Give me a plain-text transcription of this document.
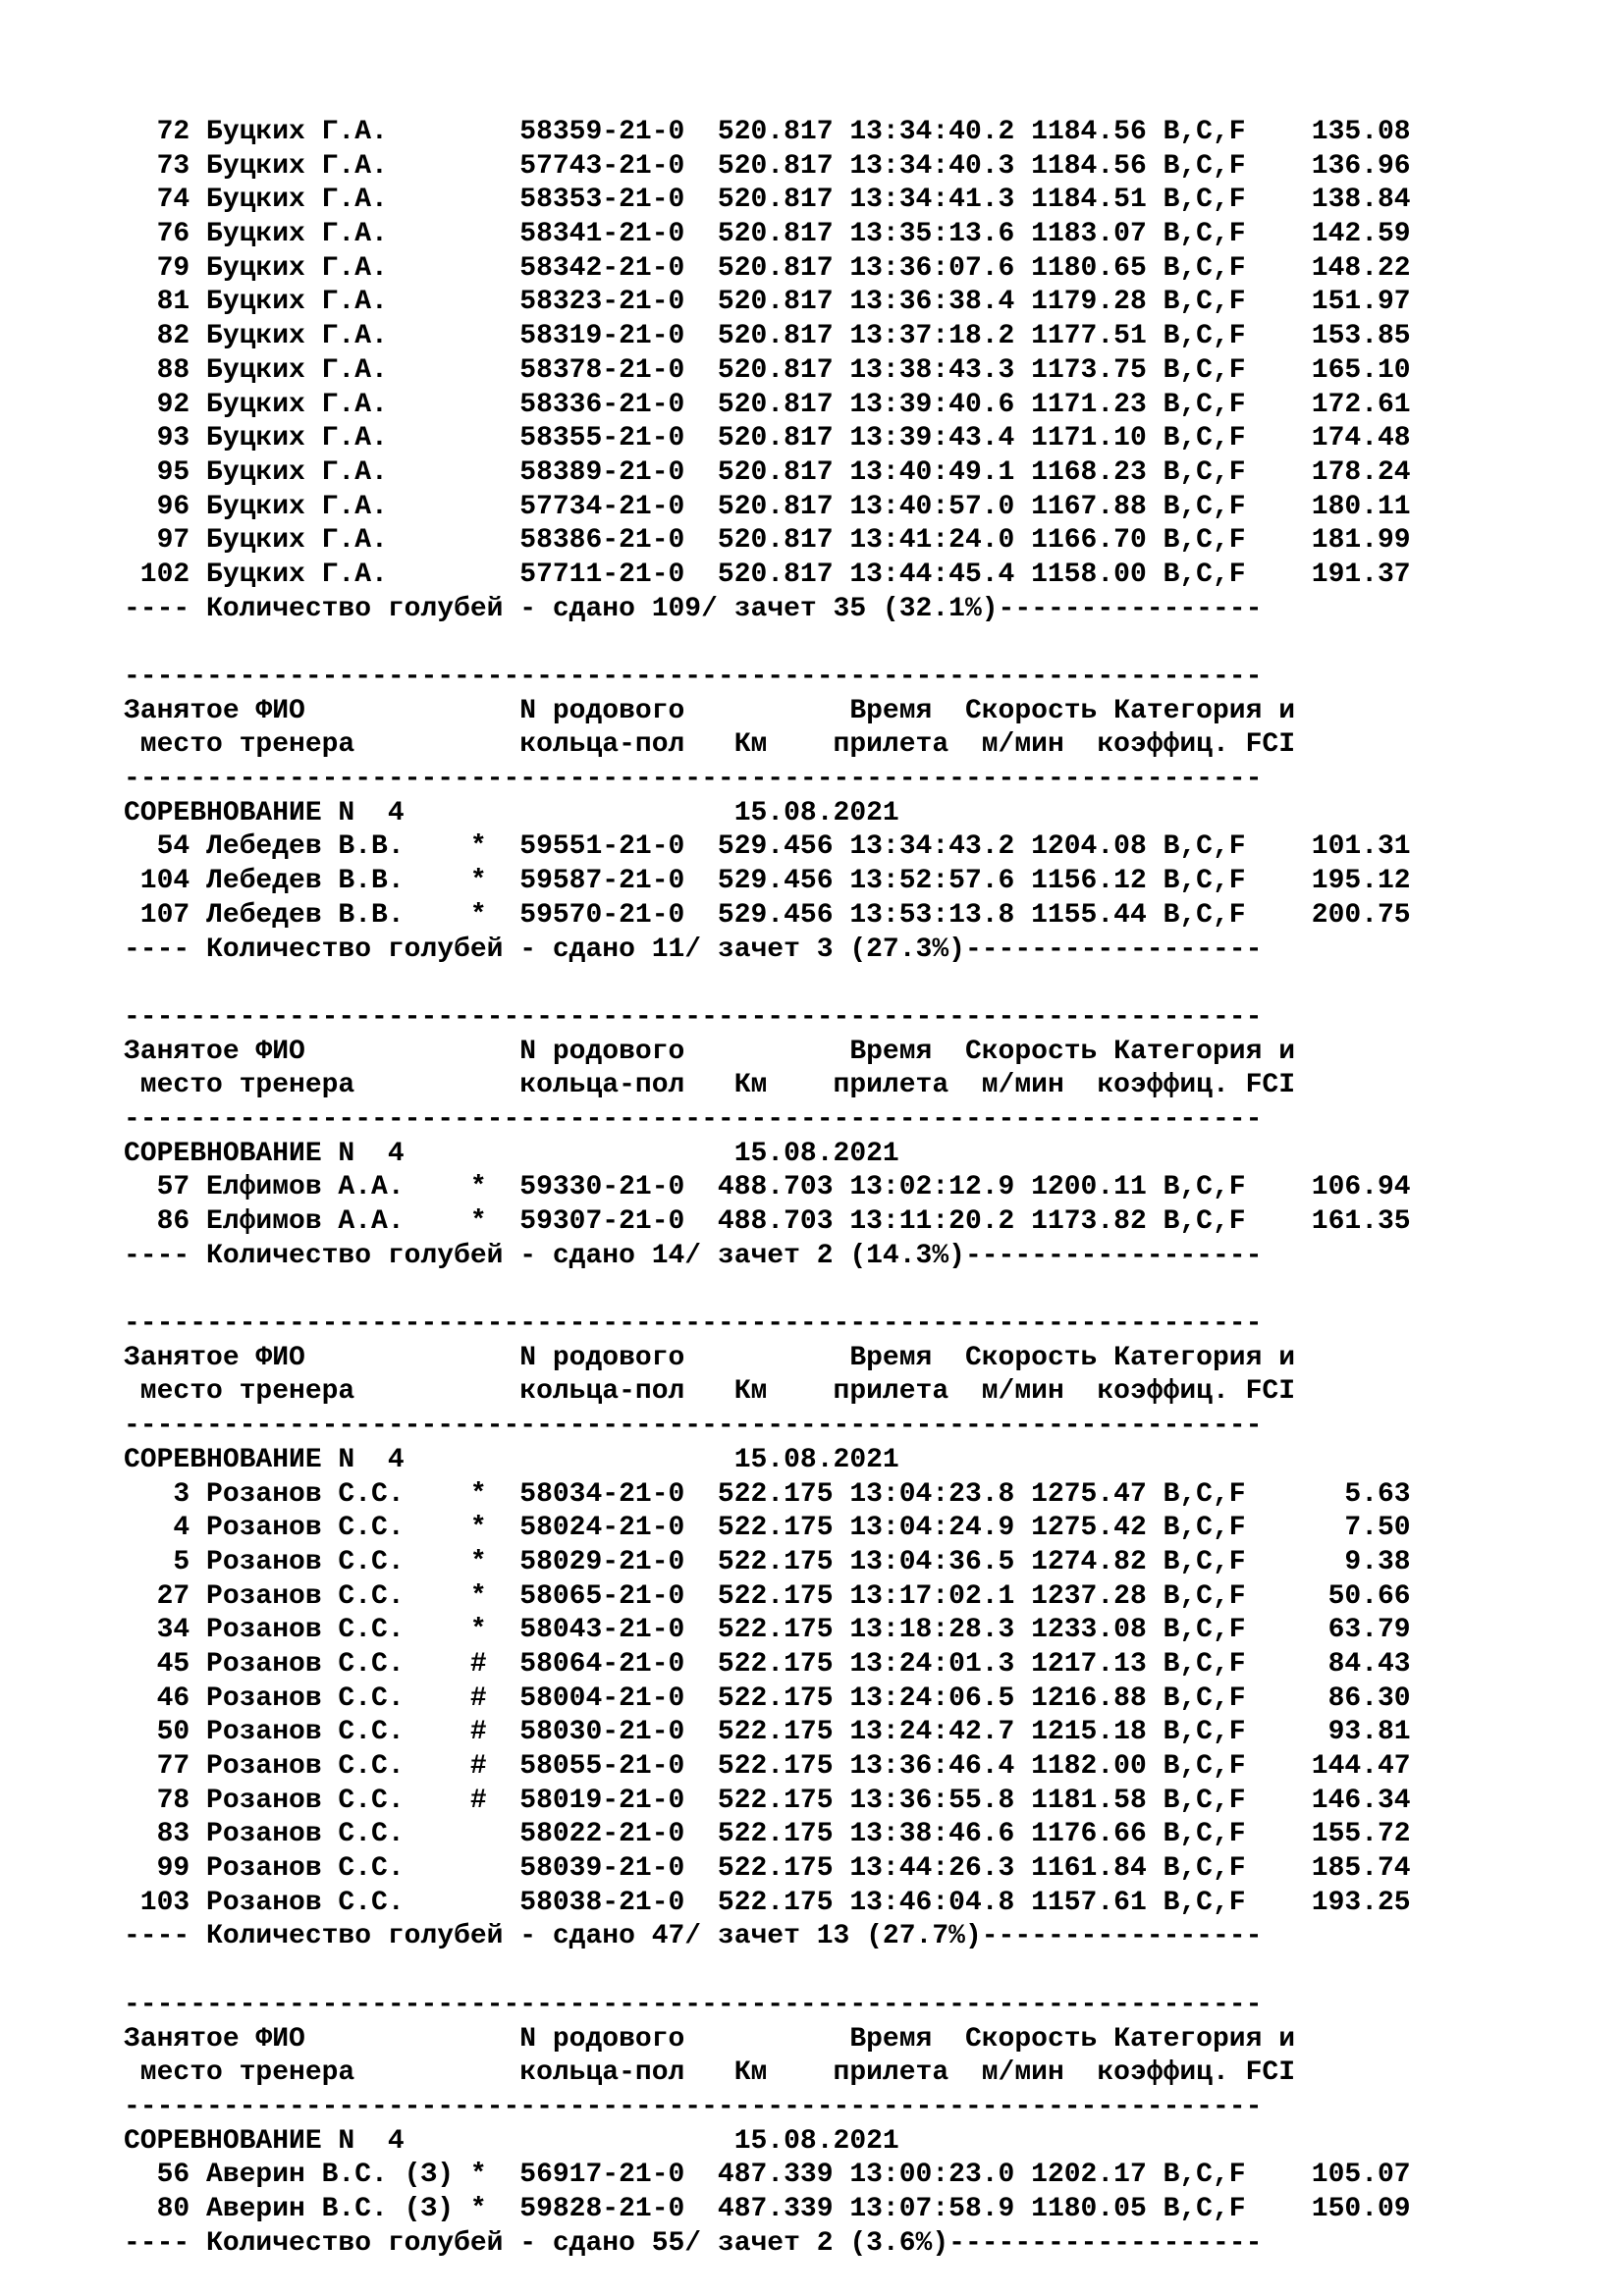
72 Буцких Г.А.        58359-21-0  520.817 13:34:40.2 1184.56 B,C,F    135.08
73 Буцких Г.А.        57743-21-0  520.817 13:34:40.3 1184.56 B,C,F    136.96
74 Буцких Г.А.        58353-21-0  520.817 13:34:41.3 1184.51 B,C,F    138.84
76 Буцких Г.А.        58341-21-0  520.817 13:35:13.6 1183.07 B,C,F    142.59
79 Буцких Г.А.        58342-21-0  520.817 13:36:07.6 1180.65 B,C,F    148.22
81 Буцких Г.А.        58323-21-0  520.817 13:36:38.4 1179.28 B,C,F    151.97
82 Буцких Г.А.        58319-21-0  520.817 13:37:18.2 1177.51 B,C,F    153.85
88 Буцких Г.А.        58378-21-0  520.817 13:38:43.3 1173.75 B,C,F    165.10
92 Буцких Г.А.        58336-21-0  520.817 13:39:40.6 1171.23 B,C,F    172.61
93 Буцких Г.А.        58355-21-0  520.817 13:39:43.4 1171.10 B,C,F    174.48
95 Буцких Г.А.        58389-21-0  520.817 13:40:49.1 1168.23 B,C,F    178.24
96 Буцких Г.А.        57734-21-0  520.817 13:40:57.0 1167.88 B,C,F    180.11
97 Буцких Г.А.        58386-21-0  520.817 13:41:24.0 1166.70 B,C,F    181.99
102 Буцких Г.А.        57711-21-0  520.817 13:44:45.4 1158.00 B,C,F    191.37
---- Количество голубей - сдано 109/ зачет 35 (32.1%)----------------
---------------------------------------------------------------------
Занятое ФИО             N родового          Время  Скорость Категория и
место тренера          кольца-пол   Км    прилета  м/мин  коэффиц. FCI
---------------------------------------------------------------------
СОРЕВНОВАНИЕ N  4                    15.08.2021
54 Лебедев В.В.    *  59551-21-0  529.456 13:34:43.2 1204.08 B,C,F    101.31
104 Лебедев В.В.    *  59587-21-0  529.456 13:52:57.6 1156.12 B,C,F    195.12
107 Лебедев В.В.    *  59570-21-0  529.456 13:53:13.8 1155.44 B,C,F    200.75
---- Количество голубей - сдано 11/ зачет 3 (27.3%)------------------
---------------------------------------------------------------------
Занятое ФИО             N родового          Время  Скорость Категория и
место тренера          кольца-пол   Км    прилета  м/мин  коэффиц. FCI
---------------------------------------------------------------------
СОРЕВНОВАНИЕ N  4                    15.08.2021
57 Елфимов А.А.    *  59330-21-0  488.703 13:02:12.9 1200.11 B,C,F    106.94
86 Елфимов А.А.    *  59307-21-0  488.703 13:11:20.2 1173.82 B,C,F    161.35
---- Количество голубей - сдано 14/ зачет 2 (14.3%)------------------
---------------------------------------------------------------------
Занятое ФИО             N родового          Время  Скорость Категория и
место тренера          кольца-пол   Км    прилета  м/мин  коэффиц. FCI
---------------------------------------------------------------------
СОРЕВНОВАНИЕ N  4                    15.08.2021
3 Розанов С.С.    *  58034-21-0  522.175 13:04:23.8 1275.47 B,C,F      5.63
4 Розанов С.С.    *  58024-21-0  522.175 13:04:24.9 1275.42 B,C,F      7.50
5 Розанов С.С.    *  58029-21-0  522.175 13:04:36.5 1274.82 B,C,F      9.38
27 Розанов С.С.    *  58065-21-0  522.175 13:17:02.1 1237.28 B,C,F     50.66
34 Розанов С.С.    *  58043-21-0  522.175 13:18:28.3 1233.08 B,C,F     63.79
45 Розанов С.С.    #  58064-21-0  522.175 13:24:01.3 1217.13 B,C,F     84.43
46 Розанов С.С.    #  58004-21-0  522.175 13:24:06.5 1216.88 B,C,F     86.30
50 Розанов С.С.    #  58030-21-0  522.175 13:24:42.7 1215.18 B,C,F     93.81
77 Розанов С.С.    #  58055-21-0  522.175 13:36:46.4 1182.00 B,C,F    144.47
78 Розанов С.С.    #  58019-21-0  522.175 13:36:55.8 1181.58 B,C,F    146.34
83 Розанов С.С.       58022-21-0  522.175 13:38:46.6 1176.66 B,C,F    155.72
99 Розанов С.С.       58039-21-0  522.175 13:44:26.3 1161.84 B,C,F    185.74
103 Розанов С.С.       58038-21-0  522.175 13:46:04.8 1157.61 B,C,F    193.25
---- Количество голубей - сдано 47/ зачет 13 (27.7%)-----------------
---------------------------------------------------------------------
Занятое ФИО             N родового          Время  Скорость Категория и
место тренера          кольца-пол   Км    прилета  м/мин  коэффиц. FCI
---------------------------------------------------------------------
СОРЕВНОВАНИЕ N  4                    15.08.2021
56 Аверин В.С. (З) *  56917-21-0  487.339 13:00:23.0 1202.17 B,C,F    105.07
80 Аверин В.С. (З) *  59828-21-0  487.339 13:07:58.9 1180.05 B,C,F    150.09
---- Количество голубей - сдано 55/ зачет 2 (3.6%)-------------------
